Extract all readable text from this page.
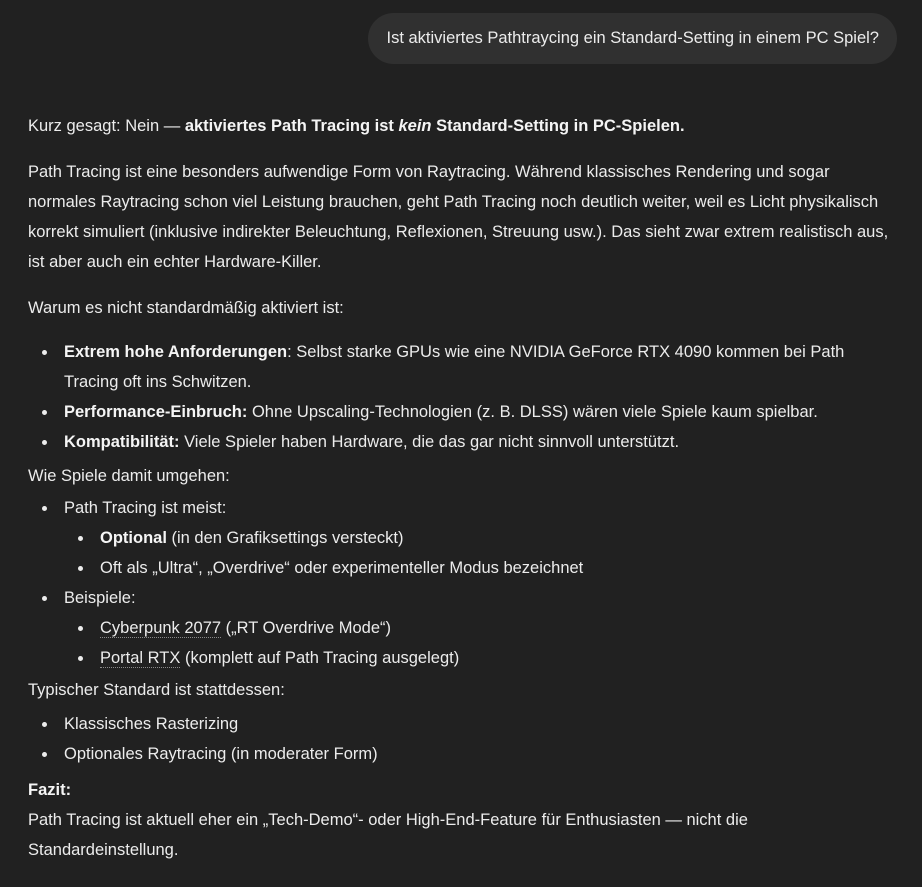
Ist aktiviertes Pathtraycing ein Standard-Setting in einem PC Spiel?

Kurz gesagt: Nein — aktiviertes Path Tracing ist kein Standard-Setting in PC-Spielen.

Path Tracing ist eine besonders aufwendige Form von Raytracing. Während klassisches Rendering und sogar normales Raytracing schon viel Leistung brauchen, geht Path Tracing noch deutlich weiter, weil es Licht physikalisch korrekt simuliert (inklusive indirekter Beleuchtung, Reflexionen, Streuung usw.). Das sieht zwar extrem realistisch aus, ist aber auch ein echter Hardware-Killer.

Warum es nicht standardmäßig aktiviert ist:

Extrem hohe Anforderungen: Selbst starke GPUs wie eine NVIDIA GeForce RTX 4090 kommen bei Path Tracing oft ins Schwitzen.
Performance-Einbruch: Ohne Upscaling-Technologien (z. B. DLSS) wären viele Spiele kaum spielbar.
Kompatibilität: Viele Spieler haben Hardware, die das gar nicht sinnvoll unterstützt.

Wie Spiele damit umgehen:

Path Tracing ist meist:
Optional (in den Grafiksettings versteckt)
Oft als „Ultra“, „Overdrive“ oder experimenteller Modus bezeichnet
Beispiele:
Cyberpunk 2077 („RT Overdrive Mode“)
Portal RTX (komplett auf Path Tracing ausgelegt)

Typischer Standard ist stattdessen:

Klassisches Rasterizing
Optionales Raytracing (in moderater Form)

Fazit:
Path Tracing ist aktuell eher ein „Tech-Demo“- oder High-End-Feature für Enthusiasten — nicht die Standardeinstellung.
